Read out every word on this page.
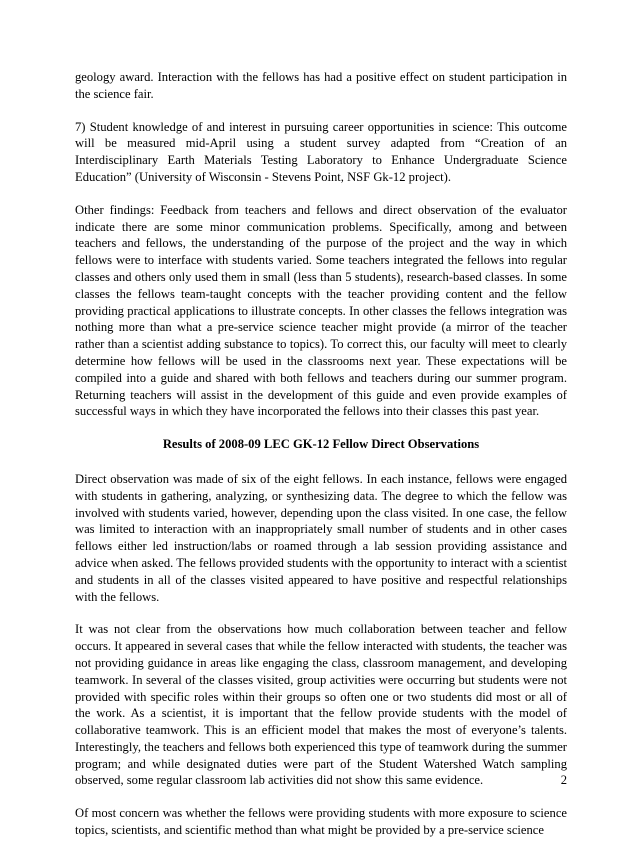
geology award. Interaction with the fellows has had a positive effect on student participation in the science fair.

7) Student knowledge of and interest in pursuing career opportunities in science: This outcome will be measured mid-April using a student survey adapted from “Creation of an Interdisciplinary Earth Materials Testing Laboratory to Enhance Undergraduate Science Education” (University of Wisconsin - Stevens Point, NSF Gk-12 project).

Other findings: Feedback from teachers and fellows and direct observation of the evaluator indicate there are some minor communication problems. Specifically, among and between teachers and fellows, the understanding of the purpose of the project and the way in which fellows were to interface with students varied. Some teachers integrated the fellows into regular classes and others only used them in small (less than 5 students), research-based classes. In some classes the fellows team-taught concepts with the teacher providing content and the fellow providing practical applications to illustrate concepts. In other classes the fellows integration was nothing more than what a pre-service science teacher might provide (a mirror of the teacher rather than a scientist adding substance to topics). To correct this, our faculty will meet to clearly determine how fellows will be used in the classrooms next year. These expectations will be compiled into a guide and shared with both fellows and teachers during our summer program. Returning teachers will assist in the development of this guide and even provide examples of successful ways in which they have incorporated the fellows into their classes this past year.

Results of 2008-09 LEC GK-12 Fellow Direct Observations

Direct observation was made of six of the eight fellows. In each instance, fellows were engaged with students in gathering, analyzing, or synthesizing data. The degree to which the fellow was involved with students varied, however, depending upon the class visited. In one case, the fellow was limited to interaction with an inappropriately small number of students and in other cases fellows either led instruction/labs or roamed through a lab session providing assistance and advice when asked. The fellows provided students with the opportunity to interact with a scientist and students in all of the classes visited appeared to have positive and respectful relationships with the fellows.

It was not clear from the observations how much collaboration between teacher and fellow occurs. It appeared in several cases that while the fellow interacted with students, the teacher was not providing guidance in areas like engaging the class, classroom management, and developing teamwork. In several of the classes visited, group activities were occurring but students were not provided with specific roles within their groups so often one or two students did most or all of the work. As a scientist, it is important that the fellow provide students with the model of collaborative teamwork. This is an efficient model that makes the most of everyone’s talents. Interestingly, the teachers and fellows both experienced this type of teamwork during the summer program; and while designated duties were part of the Student Watershed Watch sampling observed, some regular classroom lab activities did not show this same evidence.

Of most concern was whether the fellows were providing students with more exposure to science topics, scientists, and scientific method than what might be provided by a pre-service science

2
